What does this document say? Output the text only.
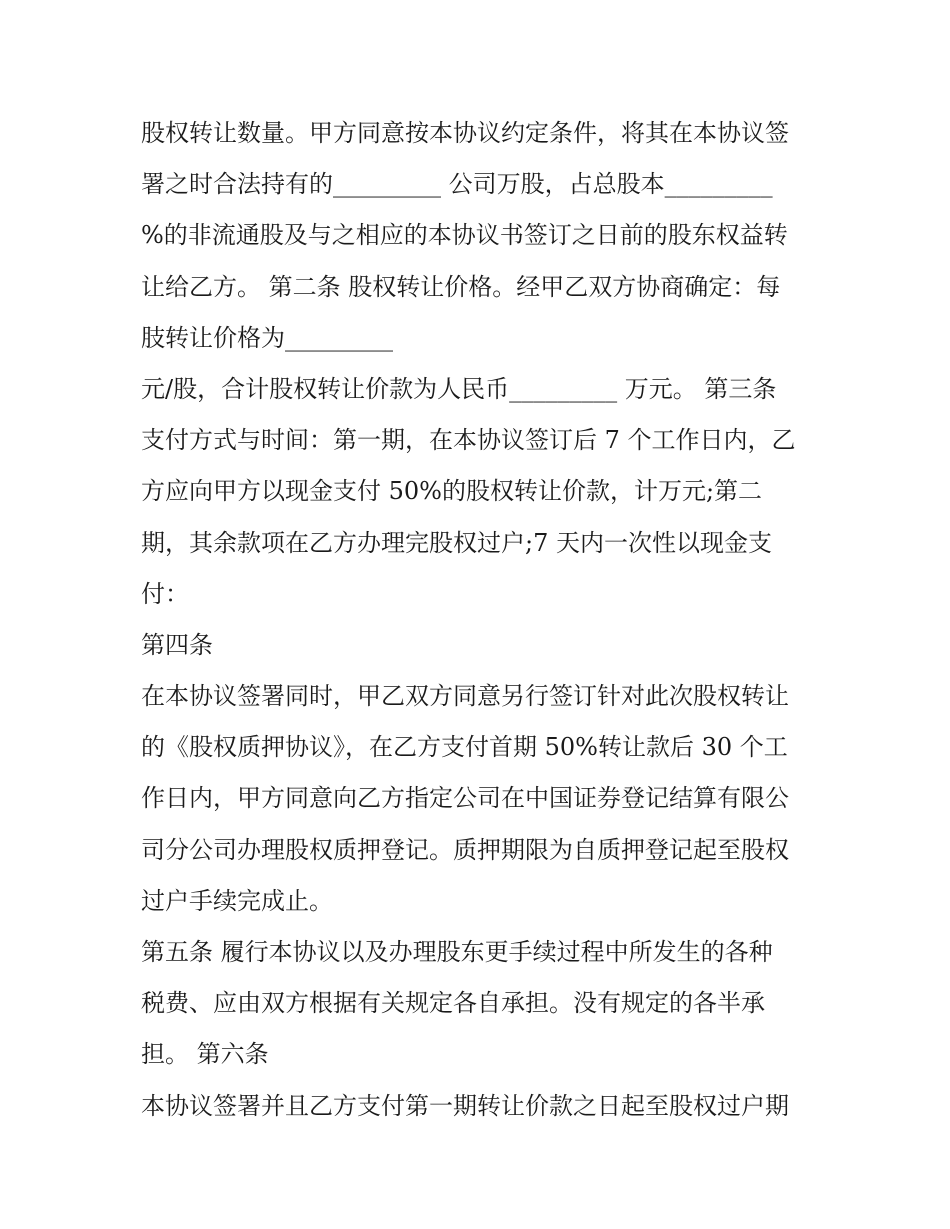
股权转让数量。甲方同意按本协议约定条件，将其在本协议签
署之时合法持有的_________ 公司万股，占总股本_________
%的非流通股及与之相应的本协议书签订之日前的股东权益转
让给乙方。 第二条 股权转让价格。经甲乙双方协商确定：每
肢转让价格为_________
元/股，合计股权转让价款为人民币_________ 万元。 第三条
支付方式与时间：第一期，在本协议签订后 7 个工作日内，乙
方应向甲方以现金支付 50%的股权转让价款，计万元;第二
期，其余款项在乙方办理完股权过户;7 天内一次性以现金支
付：
第四条
在本协议签署同时，甲乙双方同意另行签订针对此次股权转让
的《股权质押协议》，在乙方支付首期 50%转让款后 30 个工
作日内，甲方同意向乙方指定公司在中国证券登记结算有限公
司分公司办理股权质押登记。质押期限为自质押登记起至股权
过户手续完成止。
第五条 履行本协议以及办理股东更手续过程中所发生的各种
税费、应由双方根据有关规定各自承担。没有规定的各半承
担。 第六条
本协议签署并且乙方支付第一期转让价款之日起至股权过户期
